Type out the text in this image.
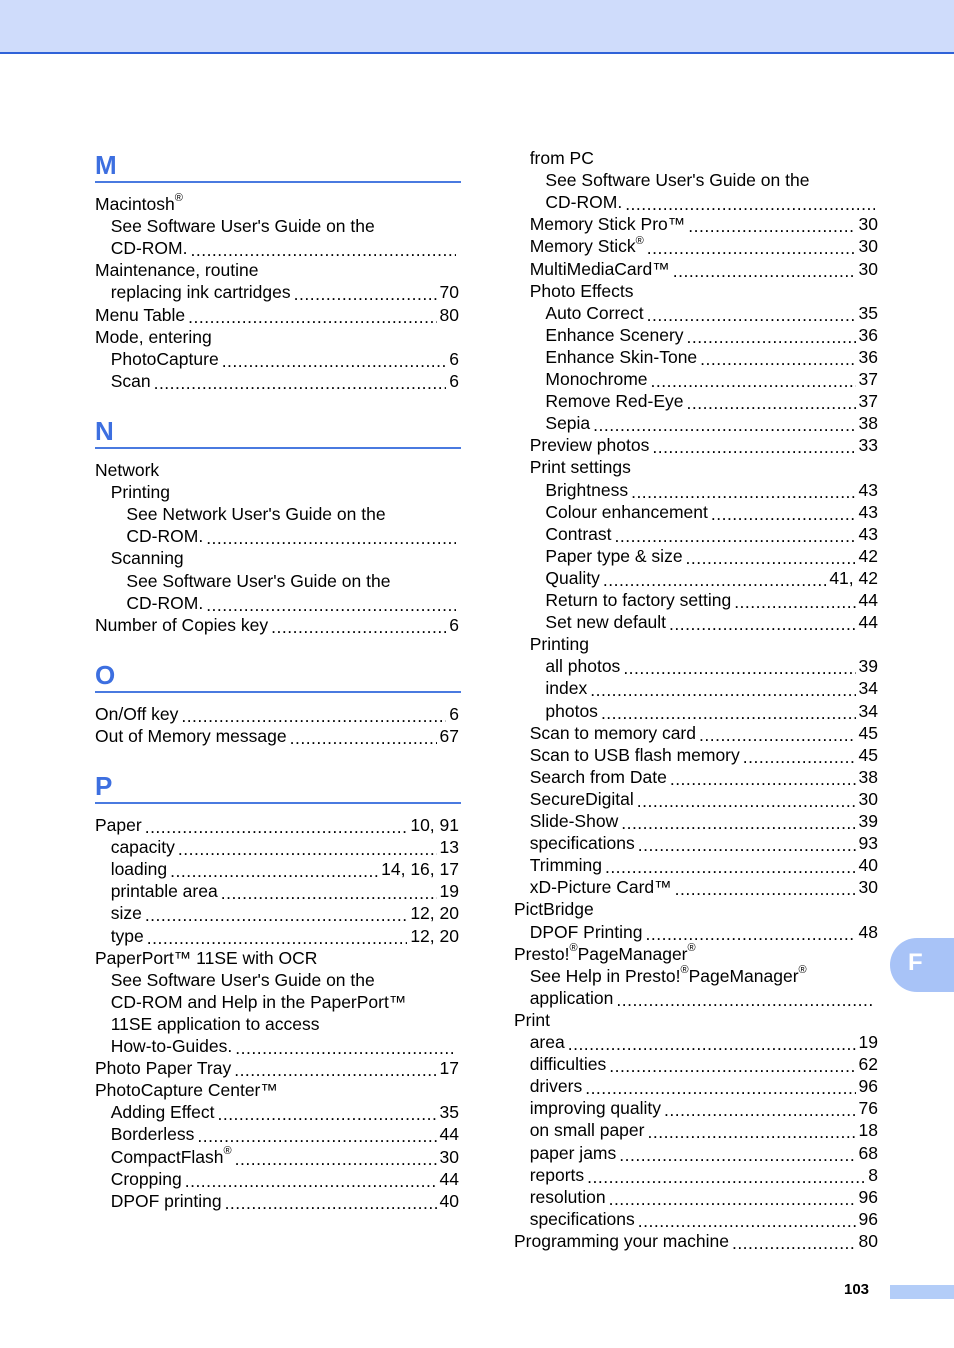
M
Macintosh®
See Software User's Guide on the
CD-ROM.
.....
Maintenance, routine
replacing ink cartridges .....	70
Menu Table .....	80
Mode, entering
PhotoCapture .....	6
Scan .....	6
N
Network
Printing
See Network User's Guide on the
CD-ROM.
.....
Scanning
See Software User's Guide on the
CD-ROM.
.....
Number of Copies key .....	6
O
On/Off key .....	6
Out of Memory message .....	67
P
Paper .....	10, 91
capacity .....	13
loading .....	14, 16, 17
printable area .....	19
size .....	12, 20
type .....	12, 20
PaperPort™ 11SE with OCR
See Software User's Guide on the
CD-ROM and Help in the PaperPort™
11SE application to access
How-to-Guides.
.....
Photo Paper Tray .....	17
PhotoCapture Center™
Adding Effect .....	35
Borderless .....	44
CompactFlash® .....	30
Cropping .....	44
DPOF printing .....	40
from PC
See Software User's Guide on the
CD-ROM.
.....
Memory Stick Pro™ .....	30
Memory Stick® .....	30
MultiMediaCard™ .....	30
Photo Effects
Auto Correct .....	35
Enhance Scenery .....	36
Enhance Skin-Tone .....	36
Monochrome .....	37
Remove Red-Eye .....	37
Sepia .....	38
Preview photos .....	33
Print settings
Brightness .....	43
Colour enhancement .....	43
Contrast .....	43
Paper type & size .....	42
Quality .....	41, 42
Return to factory setting .....	44
Set new default .....	44
Printing
all photos .....	39
index .....	34
photos .....	34
Scan to memory card .....	45
Scan to USB flash memory .....	45
Search from Date .....	38
SecureDigital .....	30
Slide-Show .....	39
specifications .....	93
Trimming .....	40
xD-Picture Card™ .....	30
PictBridge
DPOF Printing .....	48
Presto!®PageManager®
See Help in Presto!®PageManager®
application
.....
Print
area .....	19
difficulties .....	62
drivers .....	96
improving quality .....	76
on small paper .....	18
paper jams .....	68
reports .....	8
resolution .....	96
specifications .....	96
Programming your machine .....	80
F
103
